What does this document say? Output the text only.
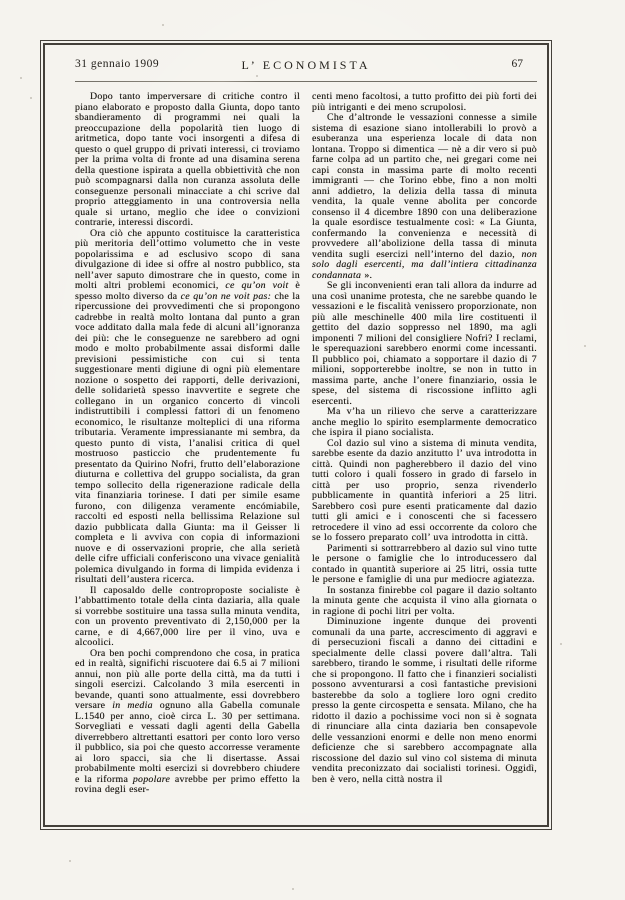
31 gennaio 1909	L’ ECONOMISTA	67

Dopo tanto imperversare di critiche contro il piano elaborato e proposto dalla Giunta, dopo tanto sbandieramento di programmi nei quali la preoccupazione della popolarità tien luogo di aritmetica, dopo tante voci insorgenti a difesa di questo o quel gruppo di privati interessi, ci troviamo per la prima volta di fronte ad una disamina serena della questione ispirata a quella obbiettività che non può scompagnarsi dalla non curanza assoluta delle conseguenze personali minacciate a chi scrive dal proprio atteggiamento in una controversia nella quale si urtano, meglio che idee o convizioni contrarie, interessi discordi.

Ora ciò che appunto costituisce la caratteristica più meritoria dell’ottimo volumetto che in veste popolarissima e ad esclusivo scopo di sana divulgazione di idee si offre al nostro pubblico, sta nell’aver saputo dimostrare che in questo, come in molti altri problemi economici, ce qu’on voit è spesso molto diverso da ce qu’on ne voit pas: che la ripercussione dei provvedimenti che si propongono cadrebbe in realtà molto lontana dal punto a gran voce additato dalla mala fede di alcuni all’ignoranza dei più: che le conseguenze ne sarebbero ad ogni modo e molto probabilmente assai disformi dalle previsioni pessimistiche con cui si tenta suggestionare menti digiune di ogni più elementare nozione o sospetto dei rapporti, delle derivazioni, delle solidarietà spesso inavvertite e segrete che collegano in un organico concerto di vincoli indistruttibili i complessi fattori di un fenomeno economico, le risultanze molteplici di una riforma tributaria. Veramente impressianante mi sembra, da questo punto di vista, l’analisi critica di quel mostruoso pasticcio che prudentemente fu presentato da Quirino Nofri, frutto dell’elaborazione diuturna e collettiva del gruppo socialista, da gran tempo sollecito della rigenerazione radicale della vita finanziaria torinese. I dati per simile esame furono, con diligenza veramente encómiabile, raccolti ed esposti nella bellissima Relazione sul dazio pubblicata dalla Giunta: ma il Geisser li completa e li avviva con copia di informazioni nuove e di osservazioni proprie, che alla serietà delle cifre ufficiali conferiscono una vivace genialità polemica divulgando in forma di limpida evidenza i risultati dell’austera ricerca.

Il caposaldo delle controproposte socialiste è l’abbattimento totale della cinta daziaria, alla quale si vorrebbe sostituire una tassa sulla minuta vendita, con un provento preventivato di 2,150,000 per la carne, e di 4,667,000 lire per il vino, uva e alcoolici.

Ora ben pochi comprendono che cosa, in pratica ed in realtà, significhi riscuotere dai 6.5 ai 7 milioni annui, non più alle porte della città, ma da tutti i singoli esercizi. Calcolando 3 mila esercenti in bevande, quanti sono attualmente, essi dovrebbero versare in media ognuno alla Gabella comunale L.1540 per anno, cioè circa L. 30 per settimana. Sorvegliati e vessati dagli agenti della Gabella diverrebbero altrettanti esattori per conto loro verso il pubblico, sia poi che questo accorresse veramente ai loro spacci, sia che li disertasse. Assai probabilmente molti esercizi si dovrebbero chiudere e la riforma popolare avrebbe per primo effetto la rovina degli eser-

centi meno facoltosi, a tutto profitto dei più forti dei più intriganti e dei meno scrupolosi.

Che d’altronde le vessazioni connesse a simile sistema di esazione siano intollerabili lo provò a esuberanza una esperienza locale di data non lontana. Troppo si dimentica — nè a dir vero si può farne colpa ad un partito che, nei gregari come nei capi consta in massima parte di molto recenti immigranti — che Torino ebbe, fino a non molti anni addietro, la delizia della tassa di minuta vendita, la quale venne abolita per concorde consenso il 4 dicembre 1890 con una deliberazione la quale esordisce testualmente così: « La Giunta, confermando la convenienza e necessità di provvedere all’abolizione della tassa di minuta vendita sugli esercizi nell’interno del dazio, non solo dagli esercenti, ma dall’intiera cittadinanza condannata ».

Se gli inconvenienti eran tali allora da indurre ad una così unanime protesta, che ne sarebbe quando le vessazioni e le fiscalità venissero proporzionate, non più alle meschinelle 400 mila lire costituenti il gettito del dazio soppresso nel 1890, ma agli imponenti 7 milioni del consigliere Nofri? I reclami, le sperequazioni sarebbero enormi come incessanti. Il pubblico poi, chiamato a sopportare il dazio di 7 milioni, sopporterebbe inoltre, se non in tutto in massima parte, anche l’onere finanziario, ossia le spese, del sistema di riscossione inflitto agli esercenti.

Ma v’ha un rilievo che serve a caratterizzare anche meglio lo spirito esemplarmente democratico che ispira il piano socialista.

Col dazio sul vino a sistema di minuta vendita, sarebbe esente da dazio anzitutto l’ uva introdotta in città. Quindi non pagherebbero il dazio del vino tutti coloro i quali fossero in grado di farselo in città per uso proprio, senza rivenderlo pubblicamente in quantità inferiori a 25 litri. Sarebbero così pure esenti praticamente dal dazio tutti gli amici e i conoscenti che si facessero retrocedere il vino ad essi occorrente da coloro che se lo fossero preparato coll’ uva introdotta in città.

Parimenti si sottrarrebbero al dazio sul vino tutte le persone o famiglie che lo introducessero dal contado in quantità superiore ai 25 litri, ossia tutte le persone e famiglie di una pur mediocre agiatezza.

In sostanza finirebbe col pagare il dazio soltanto la minuta gente che acquista il vino alla giornata o in ragione di pochi litri per volta.

Diminuzione ingente dunque dei proventi comunali da una parte, accrescimento di aggravi e di persecuzioni fiscali a danno dei cittadini e specialmente delle classi povere dall’altra. Tali sarebbero, tirando le somme, i risultati delle riforme che si propongono. Il fatto che i finanzieri socialisti possono avventurarsi a così fantastiche previsioni basterebbe da solo a togliere loro ogni credito presso la gente circospetta e sensata. Milano, che ha ridotto il dazio a pochissime voci non si è sognata di rinunciare alla cinta daziaria ben consapevole delle vessanzioni enormi e delle non meno enormi deficienze che si sarebbero accompagnate alla riscossione del dazio sul vino col sistema di minuta vendita preconizzato dai socialisti torinesi. Oggidì, ben è vero, nella città nostra il
